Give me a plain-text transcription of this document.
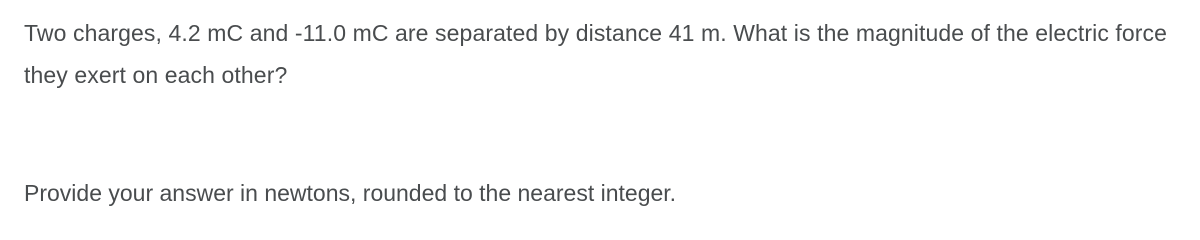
Two charges, 4.2 mC and -11.0 mC are separated by distance 41 m. What is the magnitude of the electric force they exert on each other?

Provide your answer in newtons, rounded to the nearest integer.
